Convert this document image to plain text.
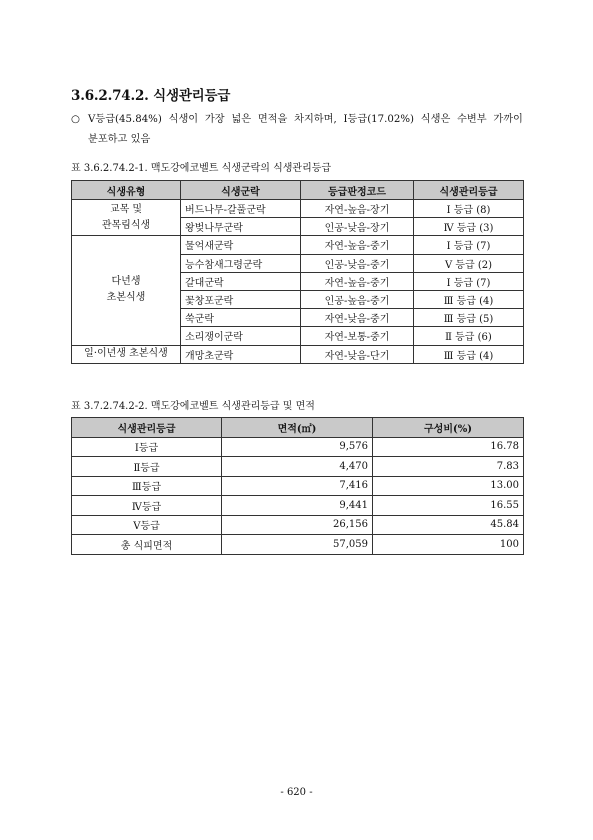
3.6.2.74.2. 식생관리등급
○ Ⅴ등급(45.84%) 식생이 가장 넓은 면적을 차지하며, Ⅰ등급(17.02%) 식생은 수변부 가까이
분포하고 있음
표 3.6.2.74.2-1. 맥도강에코벨트 식생군락의 식생관리등급
식생유형	식생군락	등급판정코드	식생관리등급

교목 및
관목림식생	버드나무-갈풀군락	자연-높음-장기	Ⅰ 등급 (8)
	왕벚나무군락	인공-낮음-장기	Ⅳ 등급 (3)

다년생
초본식생	물억새군락	자연-높음-중기	Ⅰ 등급 (7)
	능수참새그령군락	인공-낮음-중기	Ⅴ 등급 (2)
	갈대군락	자연-높음-중기	Ⅰ 등급 (7)
	꽃창포군락	인공-높음-중기	Ⅲ 등급 (4)
	쑥군락	자연-낮음-중기	Ⅲ 등급 (5)
	소리쟁이군락	자연-보통-중기	Ⅱ 등급 (6)

일·이년생 초본식생	개망초군락	자연-낮음-단기	Ⅲ 등급 (4)
표 3.7.2.74.2-2. 맥도강에코벨트 식생관리등급 및 면적
식생관리등급	면적(㎡)	구성비(%)
Ⅰ등급	9,576	16.78
Ⅱ등급	4,470	7.83
Ⅲ등급	7,416	13.00
Ⅳ등급	9,441	16.55
Ⅴ등급	26,156	45.84
총 식피면적	57,059	100
- 620 -
